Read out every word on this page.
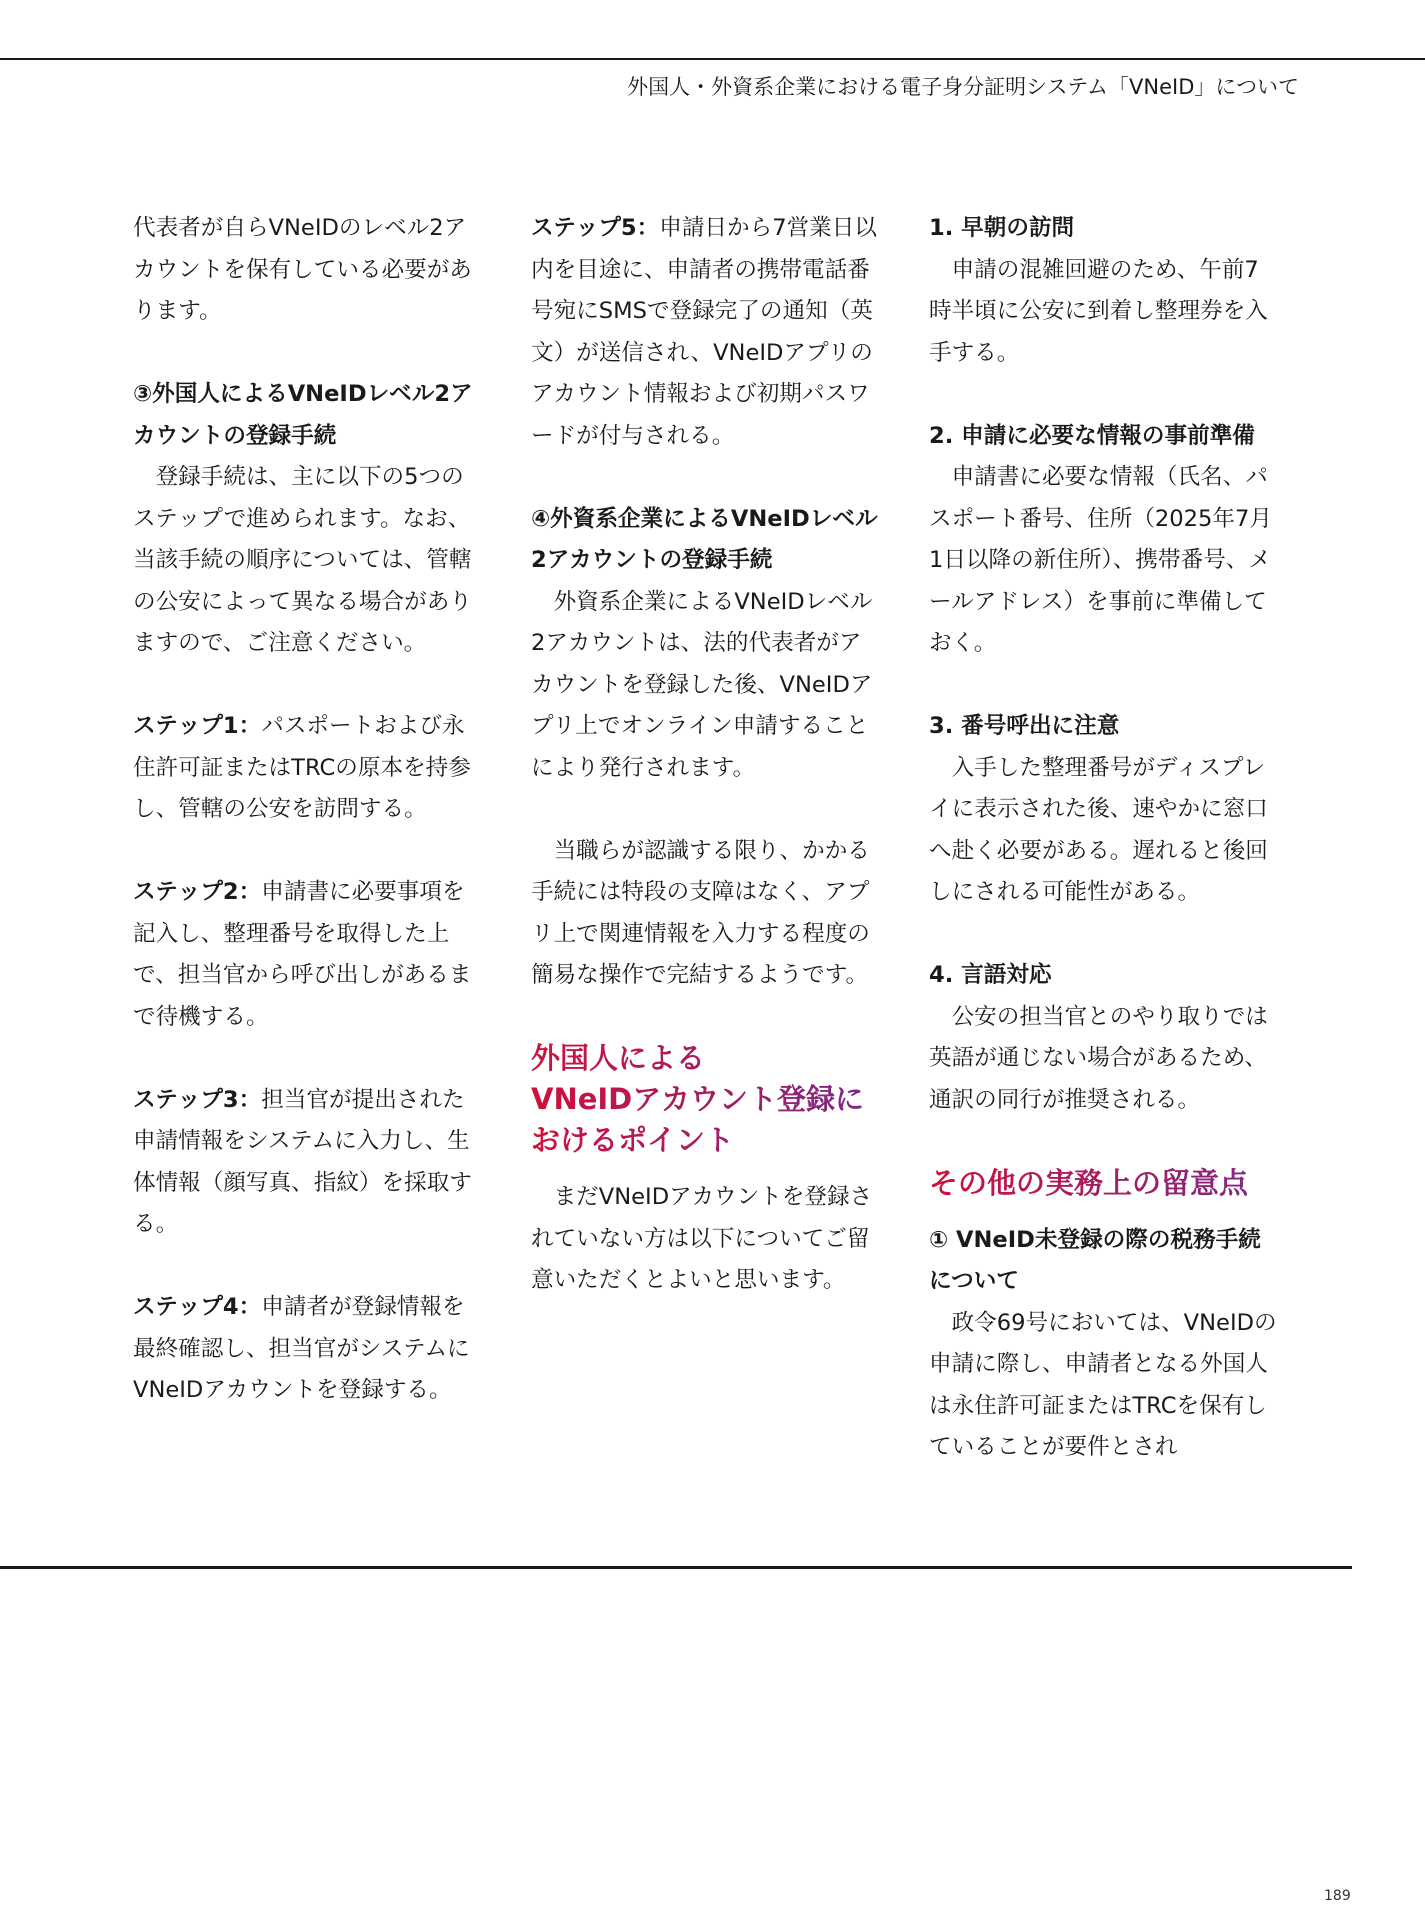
外国人・外資系企業における電子身分証明システム「VNeID」について

代表者が自らVNeIDのレベル2アカウントを保有している必要があります。

③外国人によるVNeIDレベル2アカウントの登録手続

登録手続は、主に以下の5つのステップで進められます。なお、当該手続の順序については、管轄の公安によって異なる場合がありますので、ご注意ください。

ステップ1：パスポートおよび永住許可証またはTRCの原本を持参し、管轄の公安を訪問する。

ステップ2：申請書に必要事項を記入し、整理番号を取得した上で、担当官から呼び出しがあるまで待機する。

ステップ3：担当官が提出された申請情報をシステムに入力し、生体情報（顔写真、指紋）を採取する。

ステップ4：申請者が登録情報を最終確認し、担当官がシステムにVNeIDアカウントを登録する。

ステップ5：申請日から7営業日以内を目途に、申請者の携帯電話番号宛にSMSで登録完了の通知（英文）が送信され、VNeIDアプリのアカウント情報および初期パスワードが付与される。

④外資系企業によるVNeIDレベル2アカウントの登録手続

外資系企業によるVNeIDレベル2アカウントは、法的代表者がアカウントを登録した後、VNeIDアプリ上でオンライン申請することにより発行されます。

当職らが認識する限り、かかる手続には特段の支障はなく、アプリ上で関連情報を入力する程度の簡易な操作で完結するようです。

外国人による
VNeIDアカウント登録に
おけるポイント

まだVNeIDアカウントを登録されていない方は以下についてご留意いただくとよいと思います。

1. 早朝の訪問

申請の混雑回避のため、午前7時半頃に公安に到着し整理券を入手する。

2. 申請に必要な情報の事前準備

申請書に必要な情報（氏名、パスポート番号、住所（2025年7月1日以降の新住所）、携帯番号、メールアドレス）を事前に準備しておく。

3. 番号呼出に注意

入手した整理番号がディスプレイに表示された後、速やかに窓口へ赴く必要がある。遅れると後回しにされる可能性がある。

4. 言語対応

公安の担当官とのやり取りでは英語が通じない場合があるため、通訳の同行が推奨される。

その他の実務上の留意点

① VNeID未登録の際の税務手続について

政令69号においては、VNeIDの申請に際し、申請者となる外国人は永住許可証またはTRCを保有していることが要件とされ

189
